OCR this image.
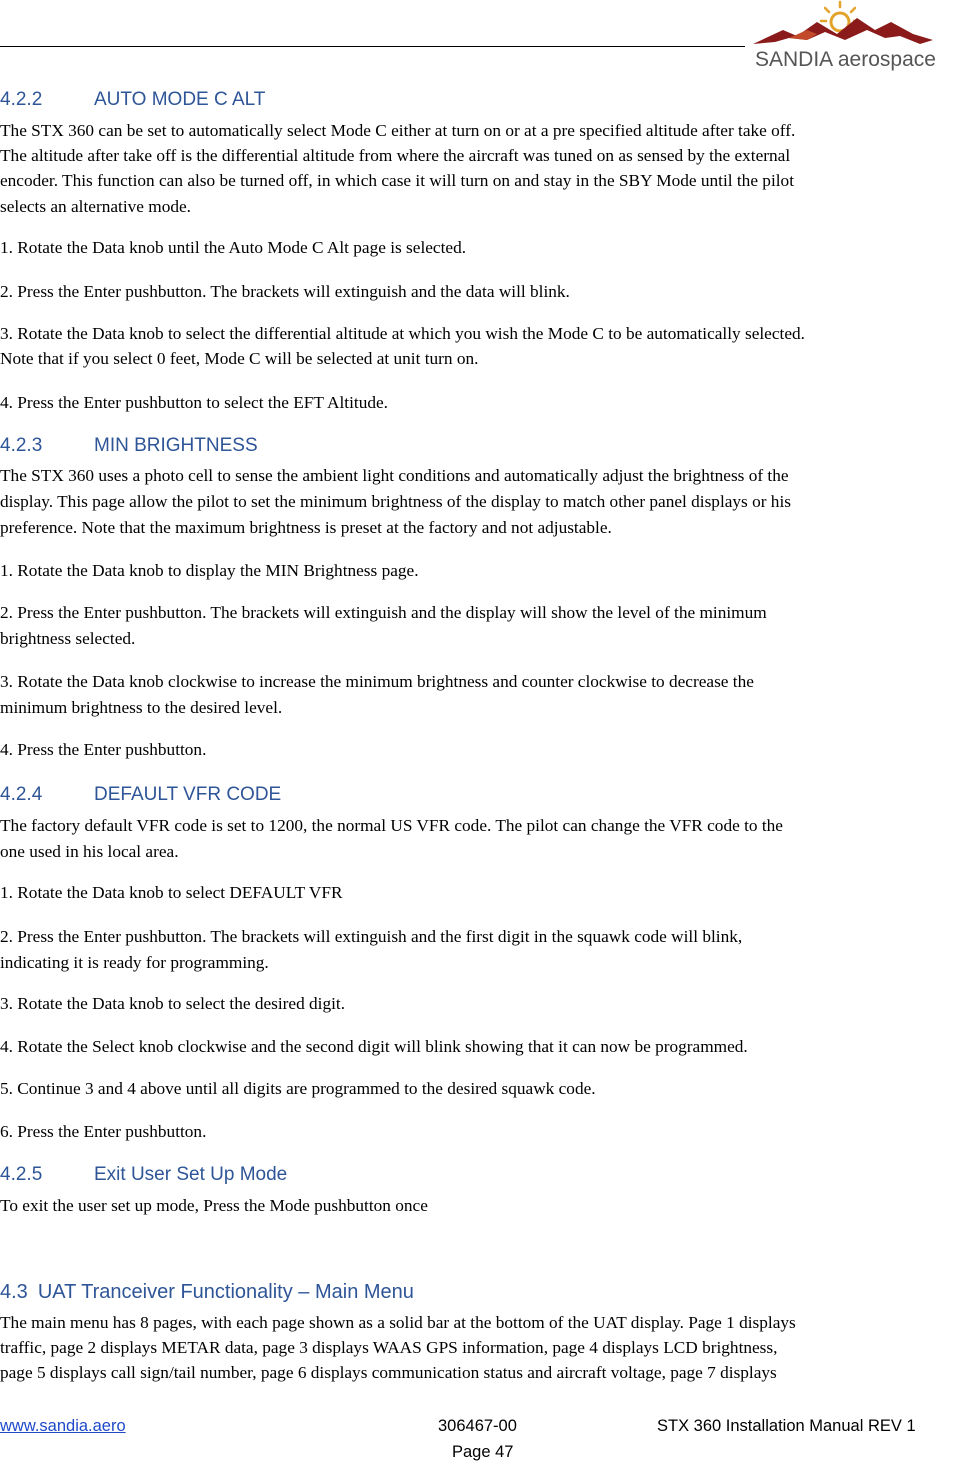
SANDIA aerospace
4.2.2	AUTO MODE C ALT
The STX 360 can be set to automatically select Mode C either at turn on or at a pre specified altitude after take off.
The altitude after take off is the differential altitude from where the aircraft was tuned on as sensed by the external
encoder. This function can also be turned off, in which case it will turn on and stay in the SBY Mode until the pilot
selects an alternative mode.
1. Rotate the Data knob until the Auto Mode C Alt page is selected.
2. Press the Enter pushbutton. The brackets will extinguish and the data will blink.
3. Rotate the Data knob to select the differential altitude at which you wish the Mode C to be automatically selected.
Note that if you select 0 feet, Mode C will be selected at unit turn on.
4. Press the Enter pushbutton to select the EFT Altitude.
4.2.3	MIN BRIGHTNESS
The STX 360 uses a photo cell to sense the ambient light conditions and automatically adjust the brightness of the
display. This page allow the pilot to set the minimum brightness of the display to match other panel displays or his
preference. Note that the maximum brightness is preset at the factory and not adjustable.
1. Rotate the Data knob to display the MIN Brightness page.
2. Press the Enter pushbutton. The brackets will extinguish and the display will show the level of the minimum
brightness selected.
3. Rotate the Data knob clockwise to increase the minimum brightness and counter clockwise to decrease the
minimum brightness to the desired level.
4. Press the Enter pushbutton.
4.2.4	DEFAULT VFR CODE
The factory default VFR code is set to 1200, the normal US VFR code. The pilot can change the VFR code to the
one used in his local area.
1. Rotate the Data knob to select DEFAULT VFR
2. Press the Enter pushbutton. The brackets will extinguish and the first digit in the squawk code will blink,
indicating it is ready for programming.
3. Rotate the Data knob to select the desired digit.
4. Rotate the Select knob clockwise and the second digit will blink showing that it can now be programmed.
5. Continue 3 and 4 above until all digits are programmed to the desired squawk code.
6. Press the Enter pushbutton.
4.2.5	Exit User Set Up Mode
To exit the user set up mode, Press the Mode pushbutton once
4.3 UAT Tranceiver Functionality – Main Menu
The main menu has 8 pages, with each page shown as a solid bar at the bottom of the UAT display. Page 1 displays
traffic, page 2 displays METAR data, page 3 displays WAAS GPS information, page 4 displays LCD brightness,
page 5 displays call sign/tail number, page 6 displays communication status and aircraft voltage, page 7 displays
www.sandia.aero	306467-00	STX 360 Installation Manual REV 1
Page 47
